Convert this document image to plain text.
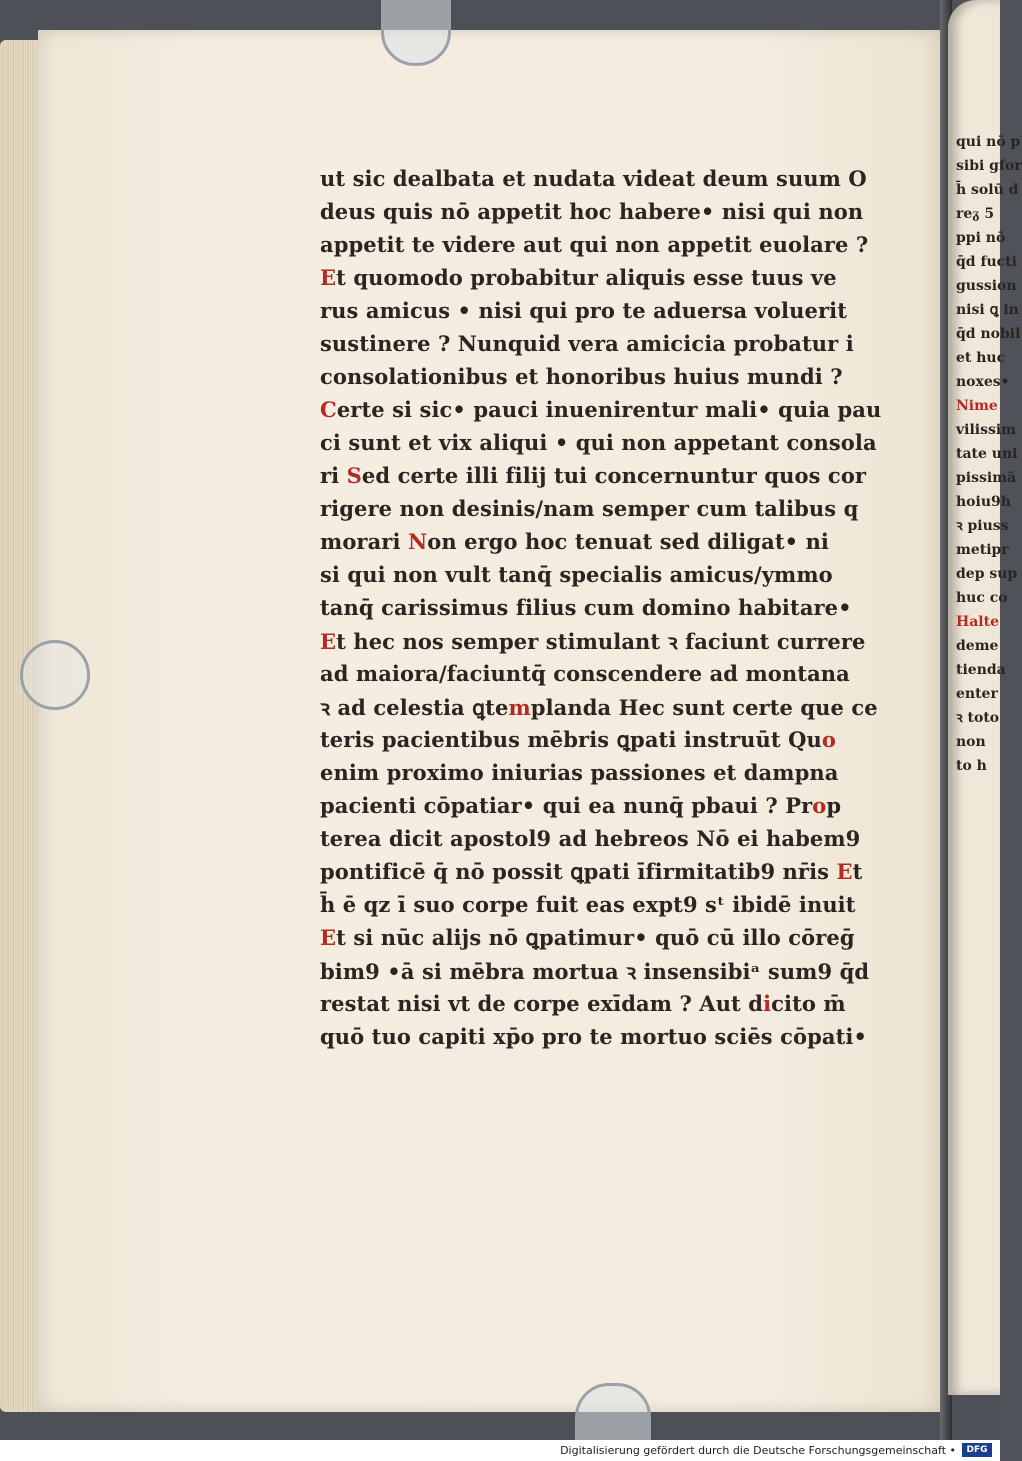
qui nō p
sibi gfor
h̄ solū d
reᵹ 5
ppi nō
q̄d fucti
gussion
nisi ꝗ in
q̄d nobil
et huc
noxes•
Nime
vilissim
tate uni
pissimā
hoiu9h
ꝛ piuss
metipr
dep sup
huc co
Halte
deme
tienda
enter
ꝛ toto
non
to h
ut sic dealbata et nudata videat deum suum O
deus quis nō appetit hoc habere• nisi qui non
appetit te videre aut qui non appetit euolare ?
Et quomodo probabitur aliquis esse tuus ve
rus amicus • nisi qui pro te aduersa voluerit
sustinere ? Nunquid vera amicicia probatur i
consolationibus et honoribus huius mundi ?
Certe si sic• pauci inuenirentur mali• quia pau
ci sunt et vix aliqui • qui non appetant consola
ri Sed certe illi filij tui concernuntur quos cor
rigere non desinis/nam semper cum talibus q
morari Non ergo hoc tenuat sed diligat• ni
si qui non vult tanq̄ specialis amicus/ymmo
tanq̄ carissimus filius cum domino habitare•
Et hec nos semper stimulant ꝛ faciunt currere
ad maiora/faciuntq̄ conscendere ad montana
ꝛ ad celestia ꝗtemplanda Hec sunt certe que ce
teris pacientibus mēbris ꝗpati instruūt Quo
enim proximo iniurias passiones et dampna
pacienti cōpatiar• qui ea nunq̄ pbaui ? Prop
terea dicit apostol9 ad hebreos Nō ei habem9
pontificē q̄ nō possit ꝗpati īfirmitatib9 nr̄is Et
h̄ ē qz ī suo corpe fuit eas expt9 sᵗ ibidē inuit
Et si nūc alijs nō ꝗpatimur• quō cū illo cōreḡ
bim9 •ā si mēbra mortua ꝛ insensibiᵃ sum9 q̄d
restat nisi vt de corpe exīdam ? Aut dicito m̄
quō tuo capiti xp̄o pro te mortuo sciēs cōpati•
Digitalisierung gefördert durch die Deutsche Forschungsgemeinschaft •	DFG
